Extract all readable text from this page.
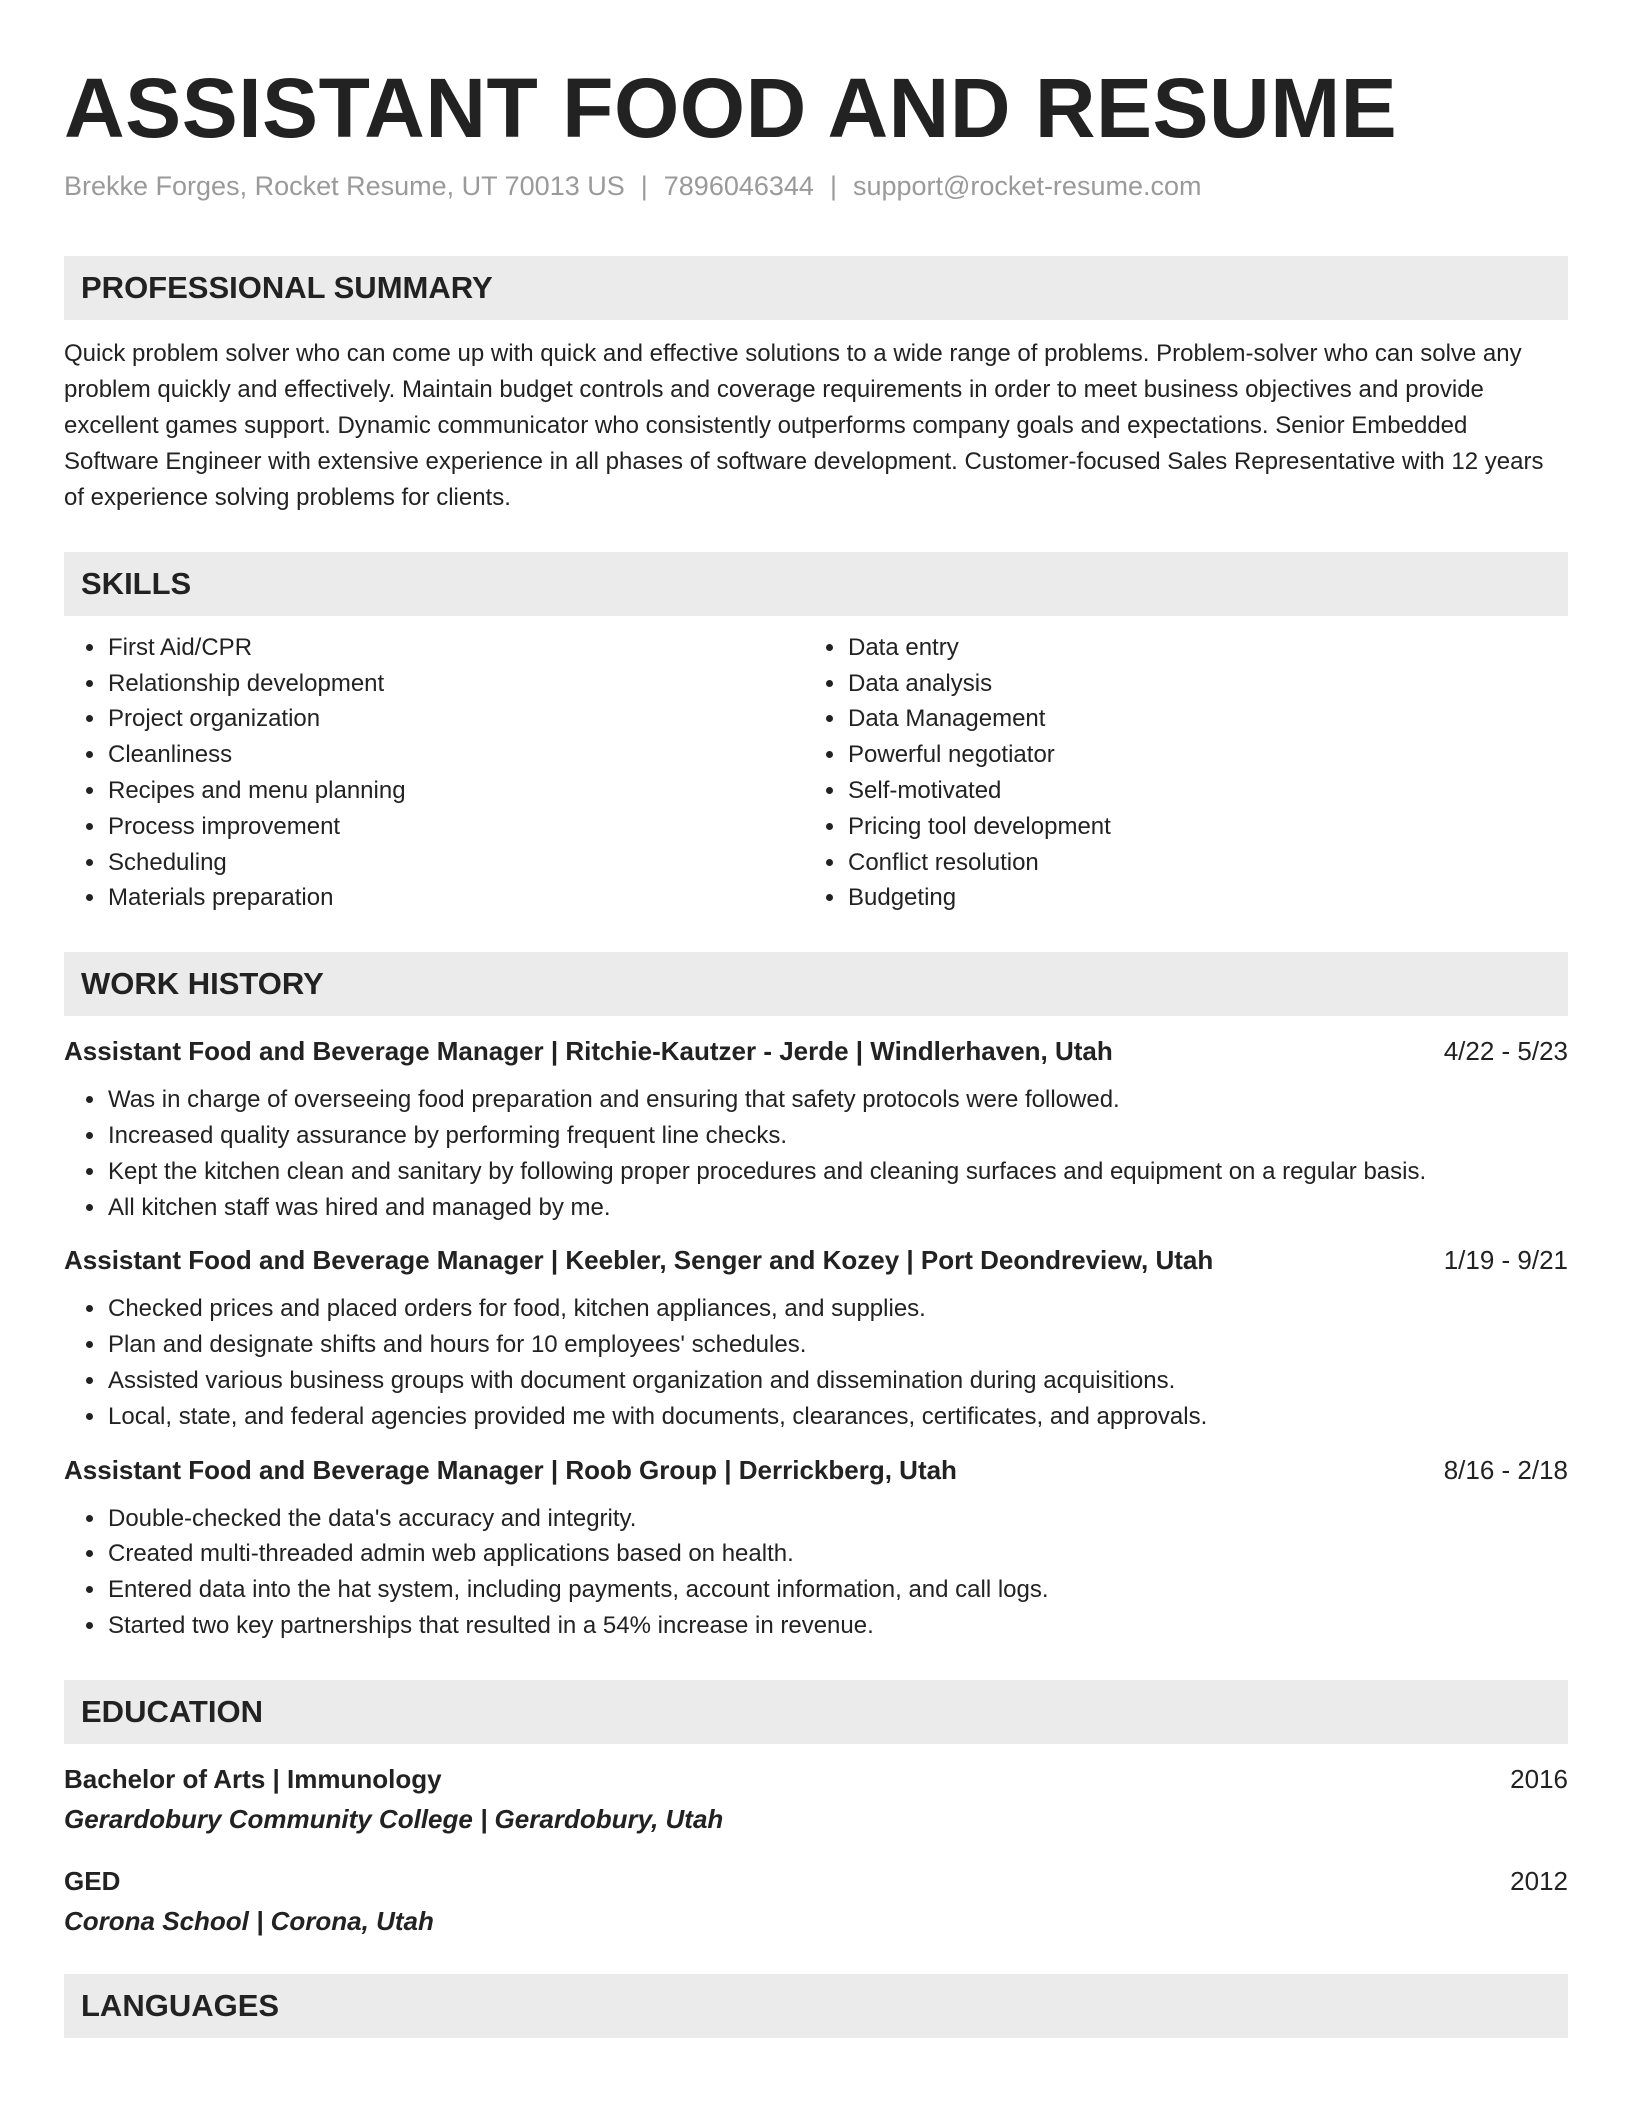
ASSISTANT FOOD AND RESUME
Brekke Forges, Rocket Resume, UT 70013 US | 7896046344 | support@rocket-resume.com
PROFESSIONAL SUMMARY
Quick problem solver who can come up with quick and effective solutions to a wide range of problems. Problem-solver who can solve any problem quickly and effectively. Maintain budget controls and coverage requirements in order to meet business objectives and provide excellent games support. Dynamic communicator who consistently outperforms company goals and expectations. Senior Embedded Software Engineer with extensive experience in all phases of software development. Customer-focused Sales Representative with 12 years of experience solving problems for clients.
SKILLS
• First Aid/CPR
• Relationship development
• Project organization
• Cleanliness
• Recipes and menu planning
• Process improvement
• Scheduling
• Materials preparation
• Data entry
• Data analysis
• Data Management
• Powerful negotiator
• Self-motivated
• Pricing tool development
• Conflict resolution
• Budgeting
WORK HISTORY
Assistant Food and Beverage Manager | Ritchie-Kautzer - Jerde | Windlerhaven, Utah	4/22 - 5/23
• Was in charge of overseeing food preparation and ensuring that safety protocols were followed.
• Increased quality assurance by performing frequent line checks.
• Kept the kitchen clean and sanitary by following proper procedures and cleaning surfaces and equipment on a regular basis.
• All kitchen staff was hired and managed by me.
Assistant Food and Beverage Manager | Keebler, Senger and Kozey | Port Deondreview, Utah	1/19 - 9/21
• Checked prices and placed orders for food, kitchen appliances, and supplies.
• Plan and designate shifts and hours for 10 employees' schedules.
• Assisted various business groups with document organization and dissemination during acquisitions.
• Local, state, and federal agencies provided me with documents, clearances, certificates, and approvals.
Assistant Food and Beverage Manager | Roob Group | Derrickberg, Utah	8/16 - 2/18
• Double-checked the data's accuracy and integrity.
• Created multi-threaded admin web applications based on health.
• Entered data into the hat system, including payments, account information, and call logs.
• Started two key partnerships that resulted in a 54% increase in revenue.
EDUCATION
Bachelor of Arts | Immunology	2016
Gerardobury Community College | Gerardobury, Utah
GED	2012
Corona School | Corona, Utah
LANGUAGES
